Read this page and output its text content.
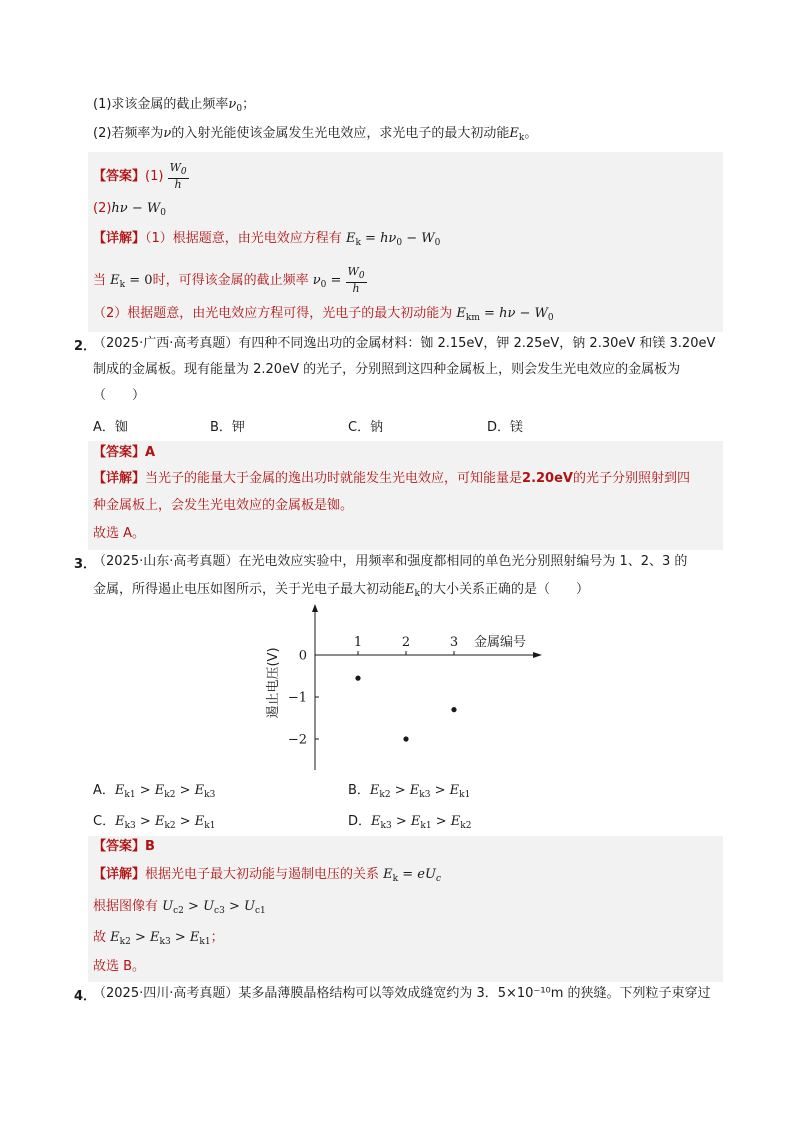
(1)求该金属的截止频率$\nu_0$；
(2)若频率为ν的入射光能使该金属发生光电效应，求光电子的最大初动能$E_k$。
【答案】$(1) \frac{W_0}{h}$
$(2)h\nu - W_0$
【详解】（1）根据题意，由光电效应方程有 $E_k = h\nu_0 - W_0$
当 $E_k = 0$时，可得该金属的截止频率 $\nu_0 = \frac{W_0}{h}$
（2）根据题意，由光电效应方程可得，光电子的最大初动能为 $E_{km} = h\nu - W_0$
2．
（2025·广西·高考真题）有四种不同逸出功的金属材料：铷 2.15eV，钾 2.25eV，钠 2.30eV 和镁 3.20eV
制成的金属板。现有能量为 2.20eV 的光子，分别照到这四种金属板上，则会发生光电效应的金属板为
（　　）
A．铷	B．钾	C．钠	D．镁
【答案】A
【详解】当光子的能量大于金属的逸出功时就能发生光电效应，可知能量是2.20eV的光子分别照射到四
种金属板上，会发生光电效应的金属板是铷。
故选 A。
3．
（2025·山东·高考真题）在光电效应实验中，用频率和强度都相同的单色光分别照射编号为 1、2、3 的
金属，所得遏止电压如图所示，关于光电子最大初动能$E_k$的大小关系正确的是（　　）
1	2	3
0
−1
−2
金属编号
遏止电压(V)
A．$E_{k1} > E_{k2} > E_{k3}$	B．$E_{k2} > E_{k3} > E_{k1}$
C．$E_{k3} > E_{k2} > E_{k1}$	D．$E_{k3} > E_{k1} > E_{k2}$
【答案】B
【详解】根据光电子最大初动能与遏制电压的关系 $E_k = eU_c$
根据图像有 $U_{c2} > U_{c3} > U_{c1}$
故 $E_{k2} > E_{k3} > E_{k1}$；
故选 B。
4．
（2025·四川·高考真题）某多晶薄膜晶格结构可以等效成缝宽约为 3．5×10⁻¹⁰m 的狭缝。下列粒子束穿过
